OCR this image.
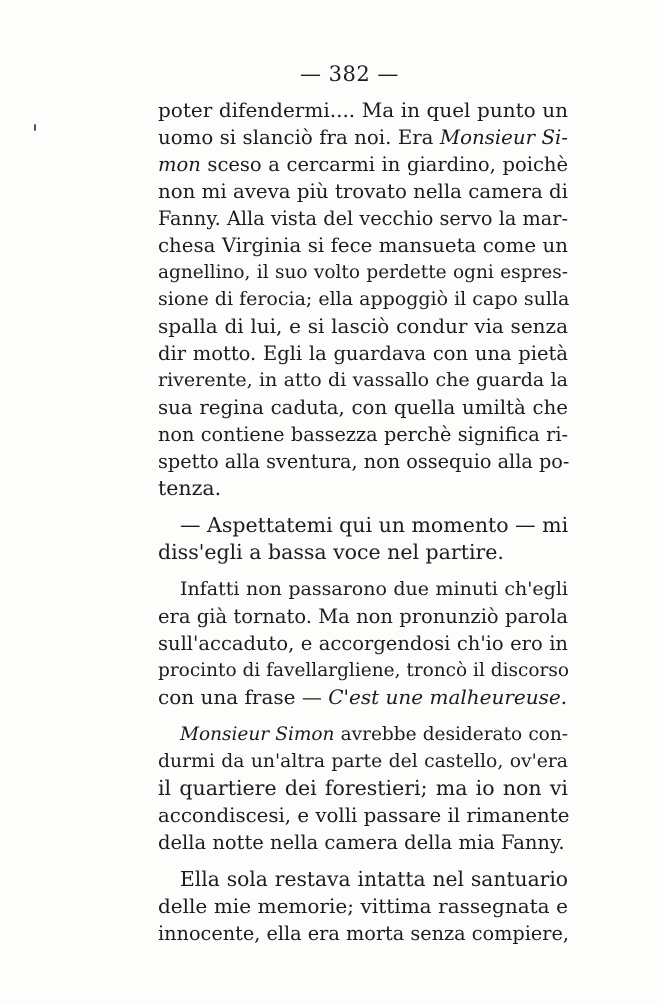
— 382 —
poter difendermi.... Ma in quel punto un
uomo si slanciò fra noi. Era Monsieur Si-
mon sceso a cercarmi in giardino, poichè
non mi aveva più trovato nella camera di
Fanny. Alla vista del vecchio servo la mar-
chesa Virginia si fece mansueta come un
agnellino, il suo volto perdette ogni espres-
sione di ferocia; ella appoggiò il capo sulla
spalla di lui, e si lasciò condur via senza
dir motto. Egli la guardava con una pietà
riverente, in atto di vassallo che guarda la
sua regina caduta, con quella umiltà che
non contiene bassezza perchè significa ri-
spetto alla sventura, non ossequio alla po-
tenza.
— Aspettatemi qui un momento — mi
diss'egli a bassa voce nel partire.
Infatti non passarono due minuti ch'egli
era già tornato. Ma non pronunziò parola
sull'accaduto, e accorgendosi ch'io ero in
procinto di favellargliene, troncò il discorso
con una frase — C'est une malheureuse.
Monsieur Simon avrebbe desiderato con-
durmi da un'altra parte del castello, ov'era
il quartiere dei forestieri; ma io non vi
accondiscesi, e volli passare il rimanente
della notte nella camera della mia Fanny.
Ella sola restava intatta nel santuario
delle mie memorie; vittima rassegnata e
innocente, ella era morta senza compiere,
